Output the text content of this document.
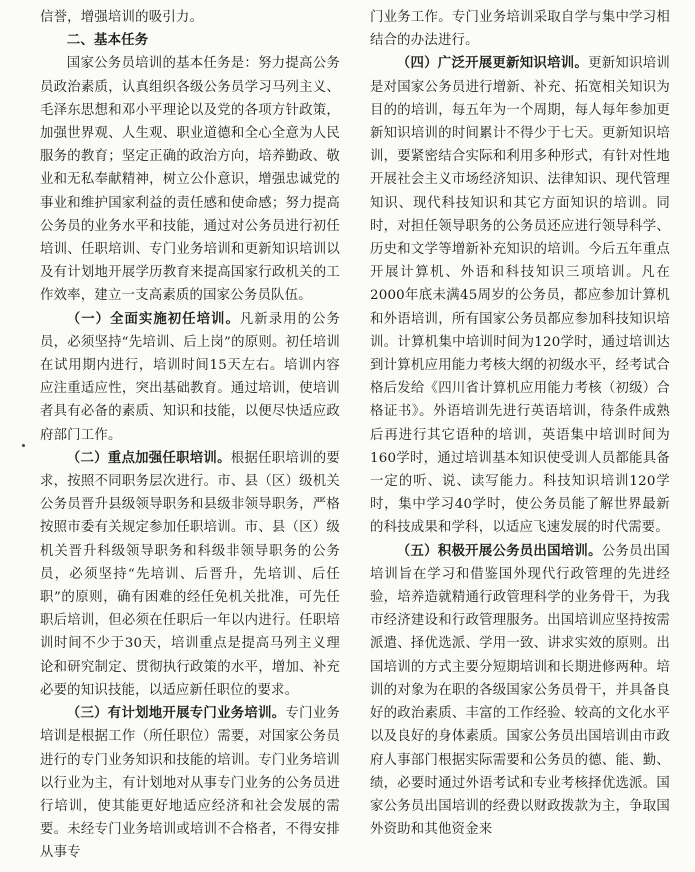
信誉，增强培训的吸引力。

二、基本任务

国家公务员培训的基本任务是：努力提高公务员政治素质，认真组织各级公务员学习马列主义、毛泽东思想和邓小平理论以及党的各项方针政策，加强世界观、人生观、职业道德和全心全意为人民服务的教育；坚定正确的政治方向，培养勤政、敬业和无私奉献精神，树立公仆意识，增强忠诚党的事业和维护国家利益的责任感和使命感；努力提高公务员的业务水平和技能，通过对公务员进行初任培训、任职培训、专门业务培训和更新知识培训以及有计划地开展学历教育来提高国家行政机关的工作效率，建立一支高素质的国家公务员队伍。

（一）全面实施初任培训。凡新录用的公务员，必须坚持“先培训、后上岗”的原则。初任培训在试用期内进行，培训时间15天左右。培训内容应注重适应性，突出基础教育。通过培训，使培训者具有必备的素质、知识和技能，以便尽快适应政府部门工作。

（二）重点加强任职培训。根据任职培训的要求，按照不同职务层次进行。市、县（区）级机关公务员晋升县级领导职务和县级非领导职务，严格按照市委有关规定参加任职培训。市、县（区）级机关晋升科级领导职务和科级非领导职务的公务员，必须坚持“先培训、后晋升，先培训、后任职”的原则，确有困难的经任免机关批准，可先任职后培训，但必须在任职后一年以内进行。任职培训时间不少于30天，培训重点是提高马列主义理论和研究制定、贯彻执行政策的水平，增加、补充必要的知识技能，以适应新任职位的要求。

（三）有计划地开展专门业务培训。专门业务培训是根据工作（所任职位）需要，对国家公务员进行的专门业务知识和技能的培训。专门业务培训以行业为主，有计划地对从事专门业务的公务员进行培训，使其能更好地适应经济和社会发展的需要。未经专门业务培训或培训不合格者，不得安排从事专

门业务工作。专门业务培训采取自学与集中学习相结合的办法进行。

（四）广泛开展更新知识培训。更新知识培训是对国家公务员进行增新、补充、拓宽相关知识为目的的培训，每五年为一个周期，每人每年参加更新知识培训的时间累计不得少于七天。更新知识培训，要紧密结合实际和利用多种形式，有针对性地开展社会主义市场经济知识、法律知识、现代管理知识、现代科技知识和其它方面知识的培训。同时，对担任领导职务的公务员还应进行领导科学、历史和文学等增新补充知识的培训。今后五年重点开展计算机、外语和科技知识三项培训。凡在2000年底未满45周岁的公务员，都应参加计算机和外语培训，所有国家公务员都应参加科技知识培训。计算机集中培训时间为120学时，通过培训达到计算机应用能力考核大纲的初级水平，经考试合格后发给《四川省计算机应用能力考核（初级）合格证书》。外语培训先进行英语培训，待条件成熟后再进行其它语种的培训，英语集中培训时间为160学时，通过培训基本知识使受训人员都能具备一定的听、说、读写能力。科技知识培训120学时，集中学习40学时，使公务员能了解世界最新的科技成果和学科，以适应飞速发展的时代需要。

（五）积极开展公务员出国培训。公务员出国培训旨在学习和借鉴国外现代行政管理的先进经验，培养造就精通行政管理科学的业务骨干，为我市经济建设和行政管理服务。出国培训应坚持按需派遣、择优选派、学用一致、讲求实效的原则。出国培训的方式主要分短期培训和长期进修两种。培训的对象为在职的各级国家公务员骨干，并具备良好的政治素质、丰富的工作经验、较高的文化水平以及良好的身体素质。国家公务员出国培训由市政府人事部门根据实际需要和公务员的德、能、勤、绩，必要时通过外语考试和专业考核择优选派。国家公务员出国培训的经费以财政拨款为主，争取国外资助和其他资金来
